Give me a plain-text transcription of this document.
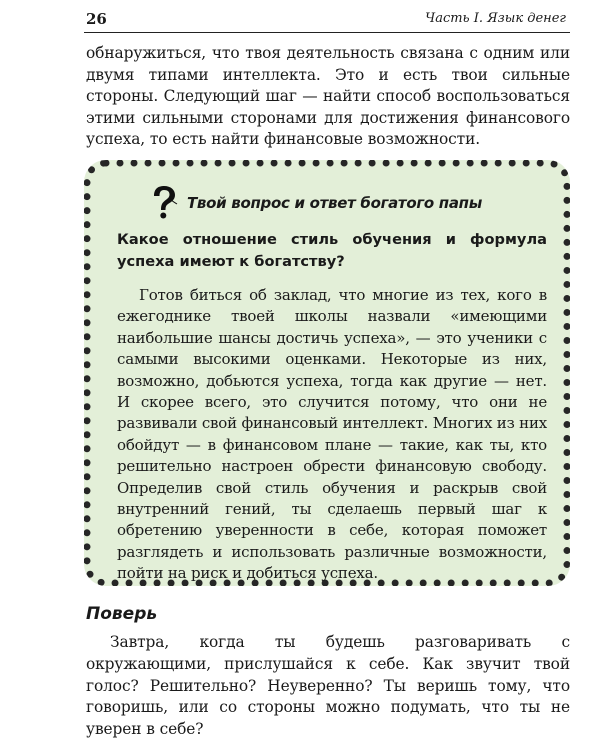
26	Часть I. Язык денег

обнаружиться, что твоя деятельность связана с одним или двумя типами интеллекта. Это и есть твои сильные стороны. Следующий шаг — найти способ воспользоваться этими сильными сторонами для достижения финансового успеха, то есть найти финансовые возможности.

Твой вопрос и ответ богатого папы

Какое отношение стиль обучения и формула успеха имеют к богатству?

Готов биться об заклад, что многие из тех, кого в ежегоднике твоей школы назвали «имеющими наибольшие шансы достичь успеха», — это ученики с самыми высокими оценками. Некоторые из них, возможно, добьются успеха, тогда как другие — нет. И скорее всего, это случится потому, что они не развивали свой финансовый интеллект. Многих из них обойдут — в финансовом плане — такие, как ты, кто решительно настроен обрести финансовую свободу. Определив свой стиль обучения и раскрыв свой внутренний гений, ты сделаешь первый шаг к обретению уверенности в себе, которая поможет разглядеть и использовать различные возможности, пойти на риск и добиться успеха.

Поверь

Завтра, когда ты будешь разговаривать с окружающими, прислушайся к себе. Как звучит твой голос? Решительно? Неуверенно? Ты веришь тому, что говоришь, или со стороны можно подумать, что ты не уверен в себе?
